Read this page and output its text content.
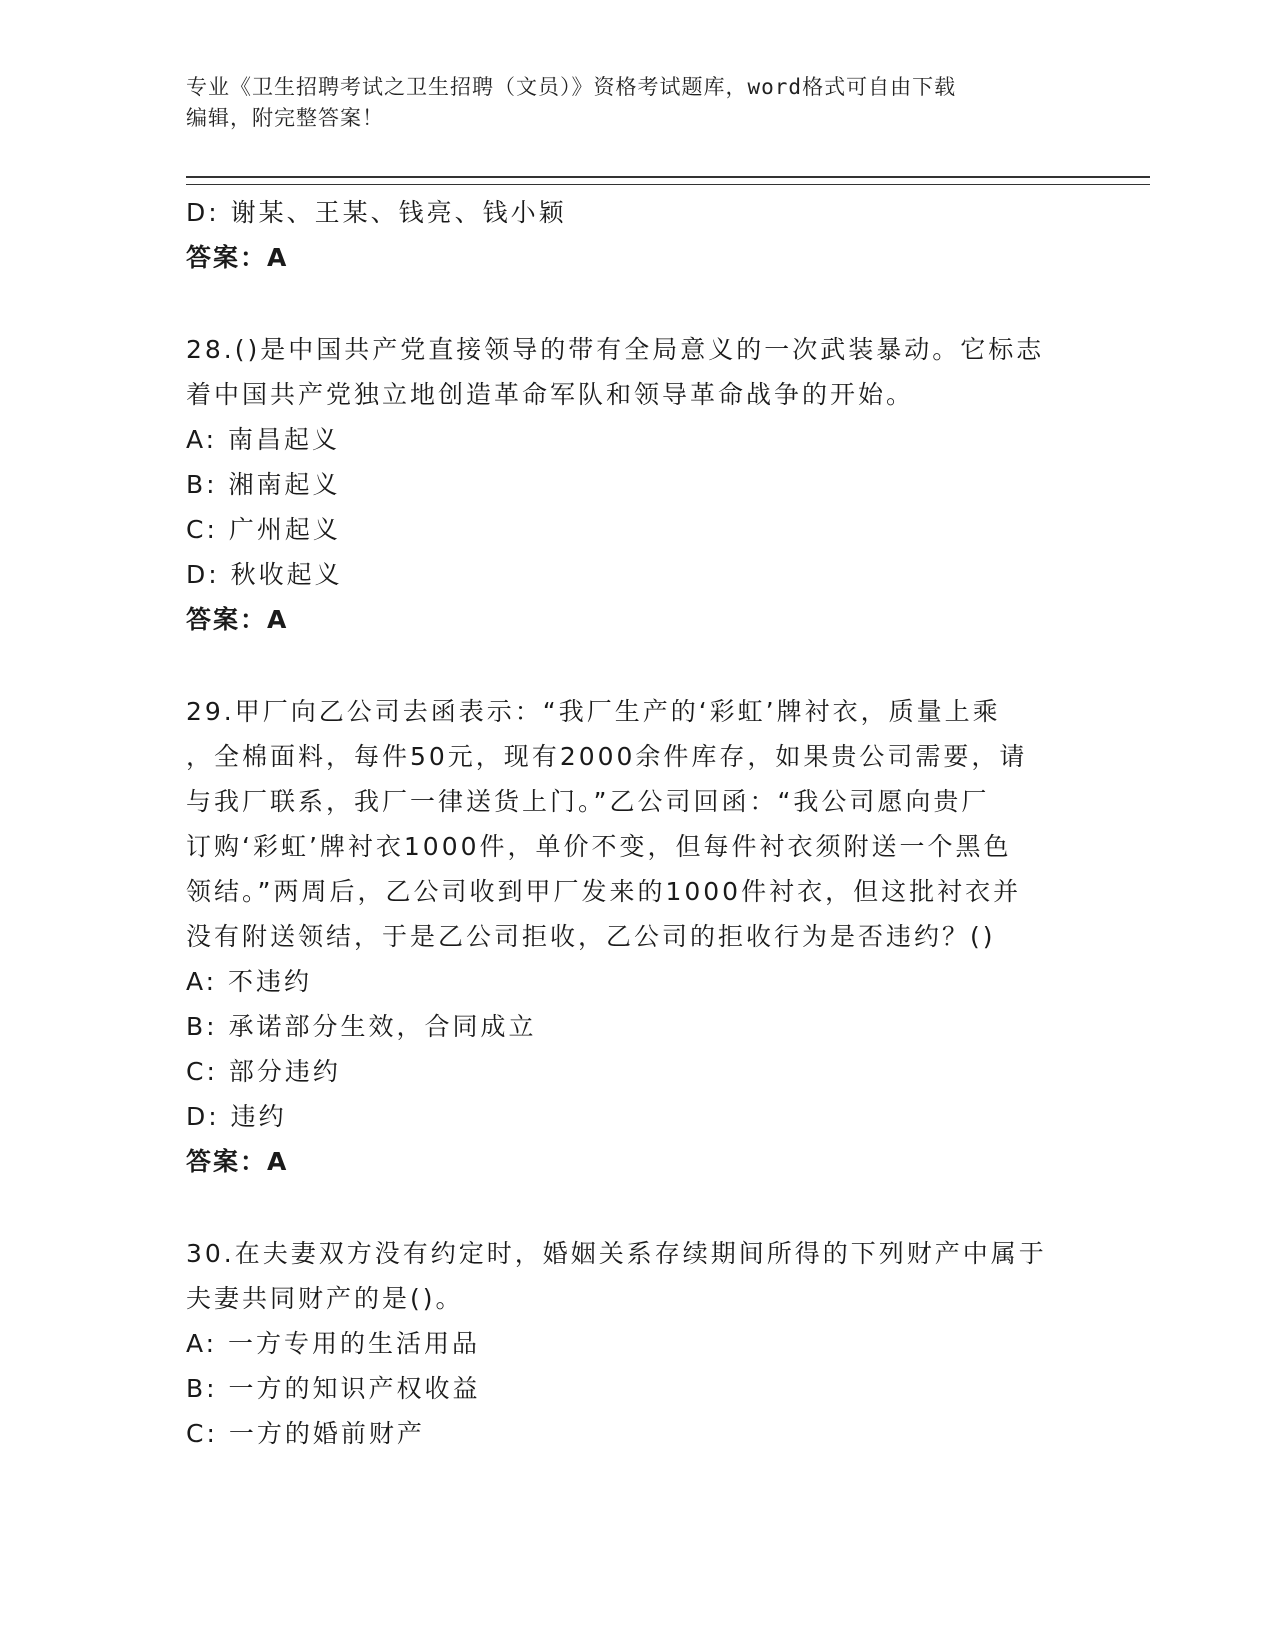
专业《卫生招聘考试之卫生招聘（文员）》资格考试题库，word格式可自由下载
编辑，附完整答案！
D: 谢某、王某、钱亮、钱小颖
答案：A
28.()是中国共产党直接领导的带有全局意义的一次武装暴动。它标志
着中国共产党独立地创造革命军队和领导革命战争的开始。
A: 南昌起义
B: 湘南起义
C: 广州起义
D: 秋收起义
答案：A
29.甲厂向乙公司去函表示：“我厂生产的‘彩虹’牌衬衣，质量上乘
，全棉面料，每件50元，现有2000余件库存，如果贵公司需要，请
与我厂联系，我厂一律送货上门。”乙公司回函：“我公司愿向贵厂
订购‘彩虹’牌衬衣1000件，单价不变，但每件衬衣须附送一个黑色
领结。”两周后，乙公司收到甲厂发来的1000件衬衣，但这批衬衣并
没有附送领结，于是乙公司拒收，乙公司的拒收行为是否违约？()
A: 不违约
B: 承诺部分生效，合同成立
C: 部分违约
D: 违约
答案：A
30.在夫妻双方没有约定时，婚姻关系存续期间所得的下列财产中属于
夫妻共同财产的是()。
A: 一方专用的生活用品
B: 一方的知识产权收益
C: 一方的婚前财产
